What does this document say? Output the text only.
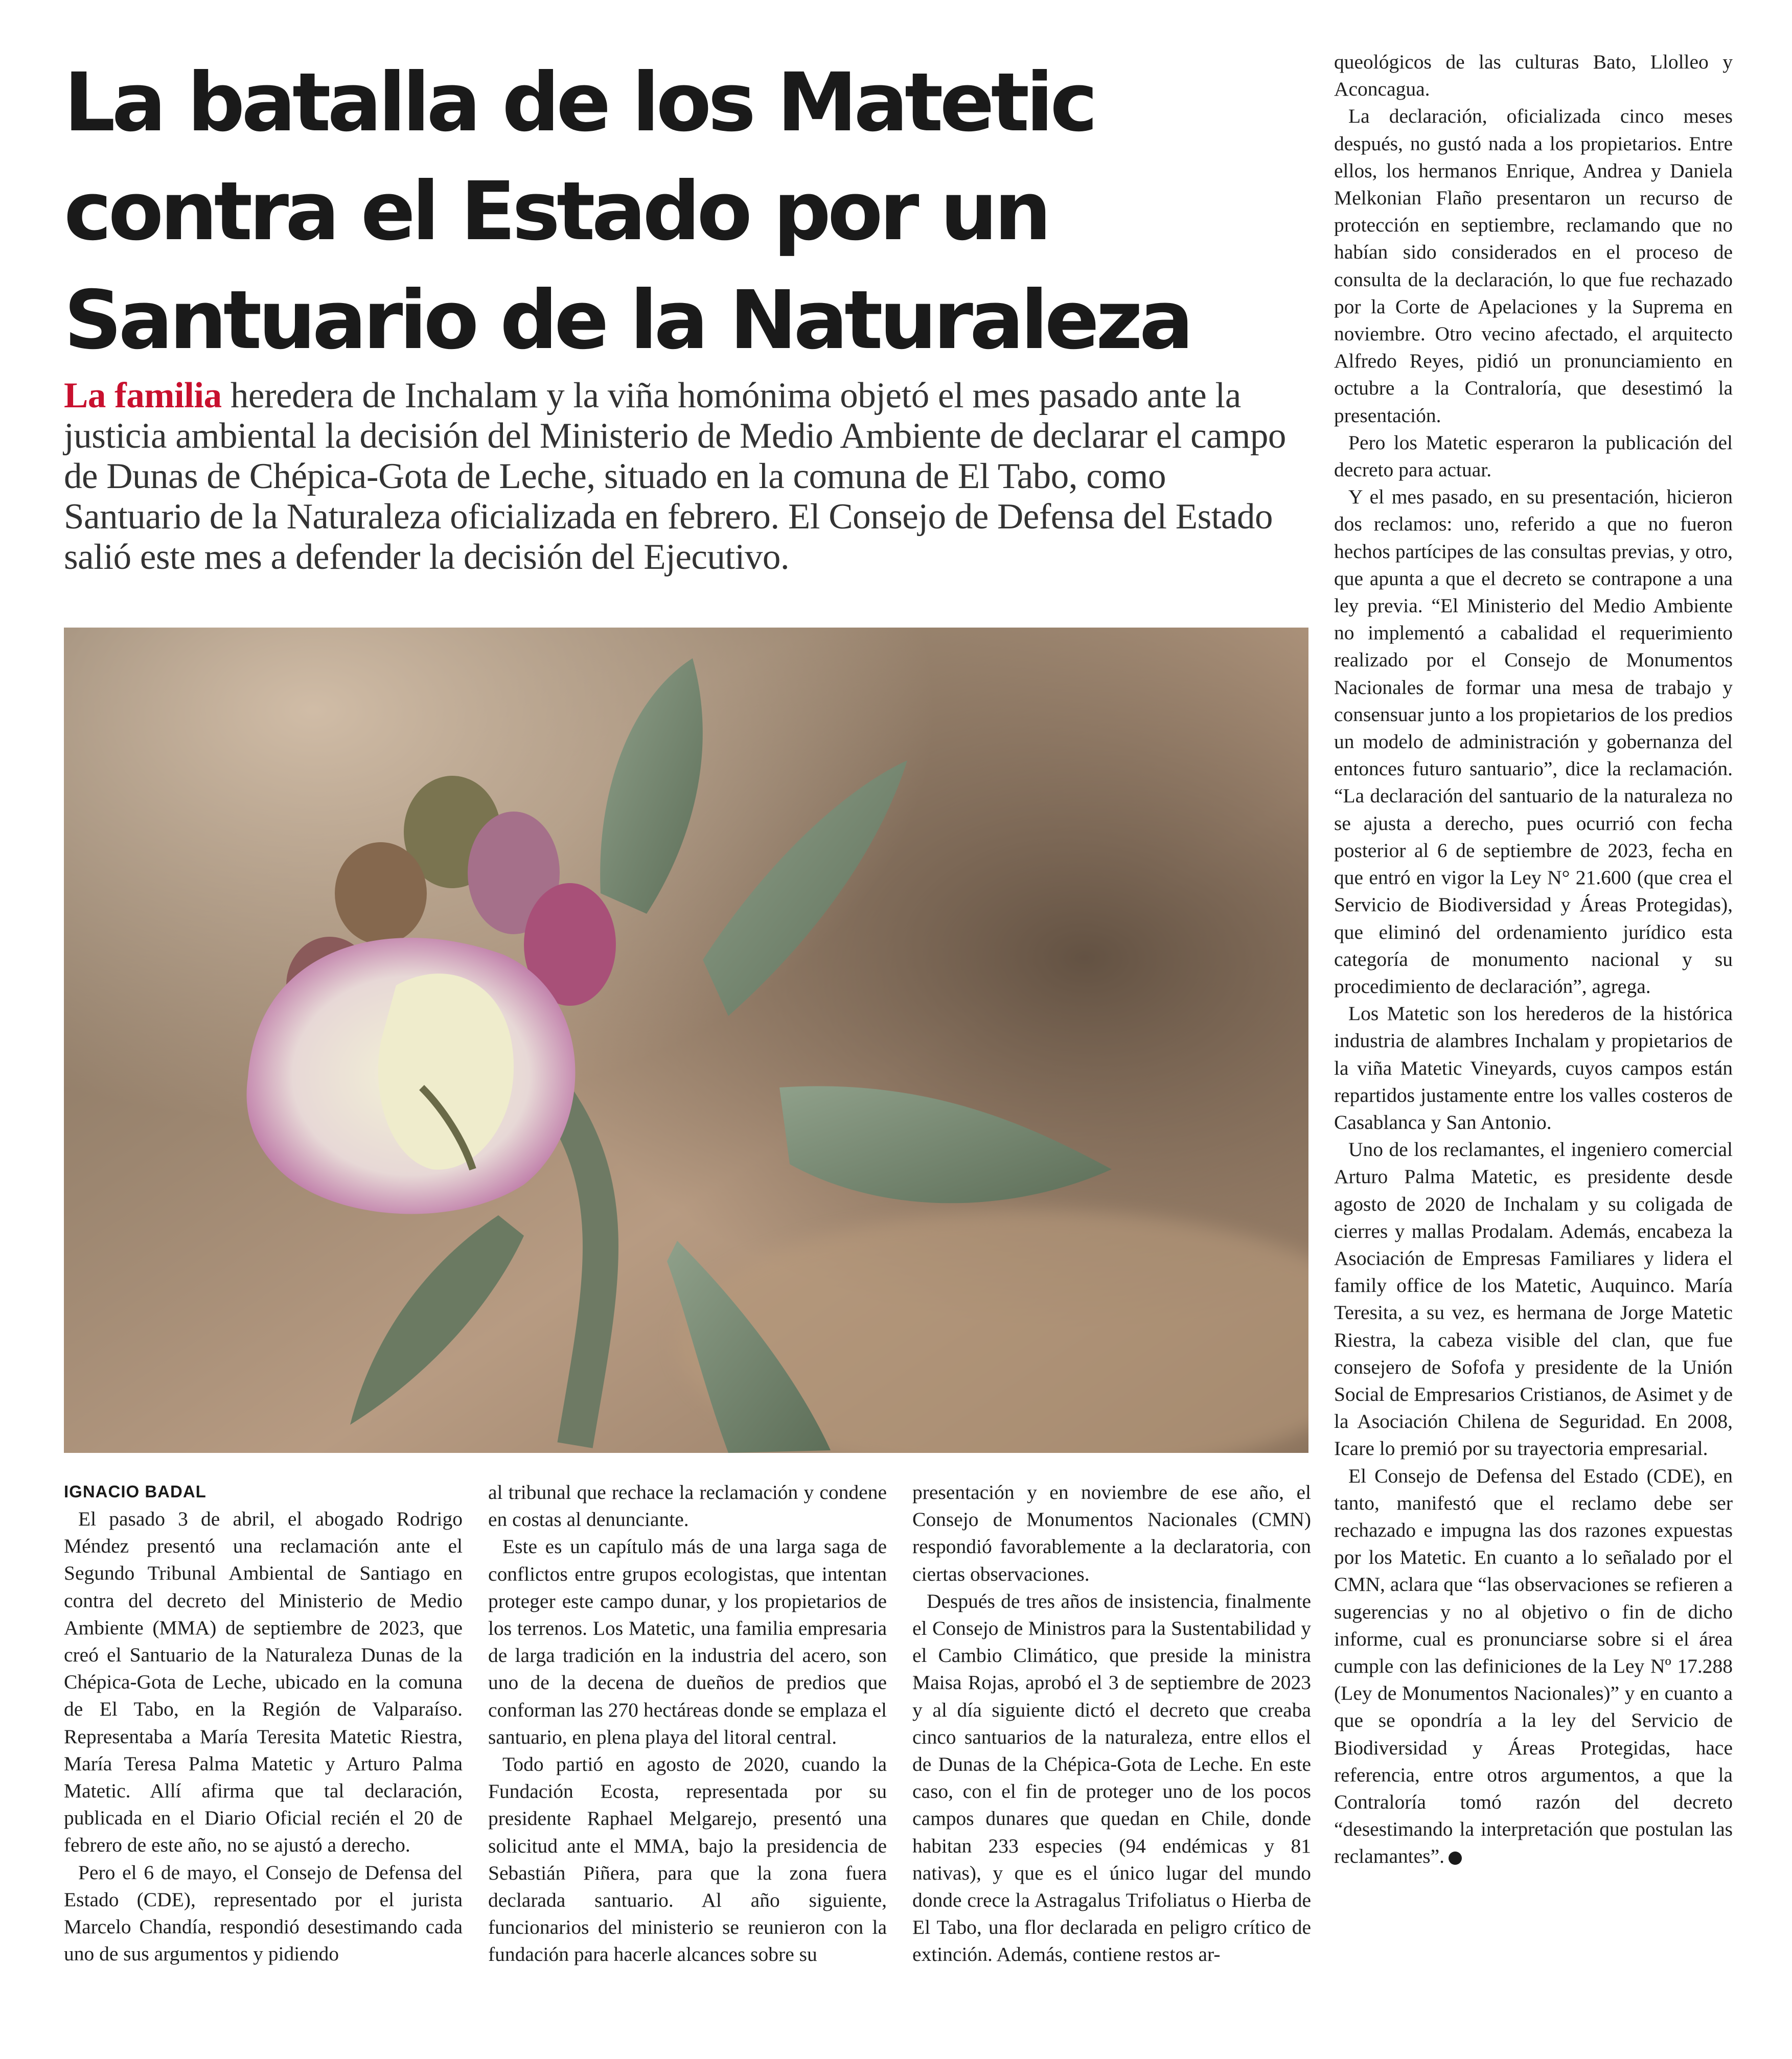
La batalla de los Matetic contra el Estado por un Santuario de la Naturaleza

La familia heredera de Inchalam y la viña homónima objetó el mes pasado ante la justicia ambiental la decisión del Ministerio de Medio Ambiente de declarar el campo de Dunas de Chépica-Gota de Leche, situado en la comuna de El Tabo, como Santuario de la Naturaleza oficializada en febrero. El Consejo de Defensa del Estado salió este mes a defender la decisión del Ejecutivo.

IGNACIO BADAL

El pasado 3 de abril, el abogado Rodrigo Méndez presentó una reclamación ante el Segundo Tribunal Ambiental de Santiago en contra del decreto del Ministerio de Medio Ambiente (MMA) de septiembre de 2023, que creó el Santuario de la Naturaleza Dunas de la Chépica-Gota de Leche, ubicado en la comuna de El Tabo, en la Región de Valparaíso. Representaba a María Teresita Matetic Riestra, María Teresa Palma Matetic y Arturo Palma Matetic. Allí afirma que tal declaración, publicada en el Diario Oficial recién el 20 de febrero de este año, no se ajustó a derecho.

Pero el 6 de mayo, el Consejo de Defensa del Estado (CDE), representado por el jurista Marcelo Chandía, respondió desestimando cada uno de sus argumentos y pidiendo

al tribunal que rechace la reclamación y condene en costas al denunciante.

Este es un capítulo más de una larga saga de conflictos entre grupos ecologistas, que intentan proteger este campo dunar, y los propietarios de los terrenos. Los Matetic, una familia empresaria de larga tradición en la industria del acero, son uno de la decena de dueños de predios que conforman las 270 hectáreas donde se emplaza el santuario, en plena playa del litoral central.

Todo partió en agosto de 2020, cuando la Fundación Ecosta, representada por su presidente Raphael Melgarejo, presentó una solicitud ante el MMA, bajo la presidencia de Sebastián Piñera, para que la zona fuera declarada santuario. Al año siguiente, funcionarios del ministerio se reunieron con la fundación para hacerle alcances sobre su

presentación y en noviembre de ese año, el Consejo de Monumentos Nacionales (CMN) respondió favorablemente a la declaratoria, con ciertas observaciones.

Después de tres años de insistencia, finalmente el Consejo de Ministros para la Sustentabilidad y el Cambio Climático, que preside la ministra Maisa Rojas, aprobó el 3 de septiembre de 2023 y al día siguiente dictó el decreto que creaba cinco santuarios de la naturaleza, entre ellos el de Dunas de la Chépica-Gota de Leche. En este caso, con el fin de proteger uno de los pocos campos dunares que quedan en Chile, donde habitan 233 especies (94 endémicas y 81 nativas), y que es el único lugar del mundo donde crece la Astragalus Trifoliatus o Hierba de El Tabo, una flor declarada en peligro crítico de extinción. Además, contiene restos ar-

queológicos de las culturas Bato, Llolleo y Aconcagua.

La declaración, oficializada cinco meses después, no gustó nada a los propietarios. Entre ellos, los hermanos Enrique, Andrea y Daniela Melkonian Flaño presentaron un recurso de protección en septiembre, reclamando que no habían sido considerados en el proceso de consulta de la declaración, lo que fue rechazado por la Corte de Apelaciones y la Suprema en noviembre. Otro vecino afectado, el arquitecto Alfredo Reyes, pidió un pronunciamiento en octubre a la Contraloría, que desestimó la presentación.

Pero los Matetic esperaron la publicación del decreto para actuar.

Y el mes pasado, en su presentación, hicieron dos reclamos: uno, referido a que no fueron hechos partícipes de las consultas previas, y otro, que apunta a que el decreto se contrapone a una ley previa. “El Ministerio del Medio Ambiente no implementó a cabalidad el requerimiento realizado por el Consejo de Monumentos Nacionales de formar una mesa de trabajo y consensuar junto a los propietarios de los predios un modelo de administración y gobernanza del entonces futuro santuario”, dice la reclamación. “La declaración del santuario de la naturaleza no se ajusta a derecho, pues ocurrió con fecha posterior al 6 de septiembre de 2023, fecha en que entró en vigor la Ley N° 21.600 (que crea el Servicio de Biodiversidad y Áreas Protegidas), que eliminó del ordenamiento jurídico esta categoría de monumento nacional y su procedimiento de declaración”, agrega.

Los Matetic son los herederos de la histórica industria de alambres Inchalam y propietarios de la viña Matetic Vineyards, cuyos campos están repartidos justamente entre los valles costeros de Casablanca y San Antonio.

Uno de los reclamantes, el ingeniero comercial Arturo Palma Matetic, es presidente desde agosto de 2020 de Inchalam y su coligada de cierres y mallas Prodalam. Además, encabeza la Asociación de Empresas Familiares y lidera el family office de los Matetic, Auquinco. María Teresita, a su vez, es hermana de Jorge Matetic Riestra, la cabeza visible del clan, que fue consejero de Sofofa y presidente de la Unión Social de Empresarios Cristianos, de Asimet y de la Asociación Chilena de Seguridad. En 2008, Icare lo premió por su trayectoria empresarial.

El Consejo de Defensa del Estado (CDE), en tanto, manifestó que el reclamo debe ser rechazado e impugna las dos razones expuestas por los Matetic. En cuanto a lo señalado por el CMN, aclara que “las observaciones se refieren a sugerencias y no al objetivo o fin de dicho informe, cual es pronunciarse sobre si el área cumple con las definiciones de la Ley Nº 17.288 (Ley de Monumentos Nacionales)” y en cuanto a que se opondría a la ley del Servicio de Biodiversidad y Áreas Protegidas, hace referencia, entre otros argumentos, a que la Contraloría tomó razón del decreto “desestimando la interpretación que postulan las reclamantes”. P
